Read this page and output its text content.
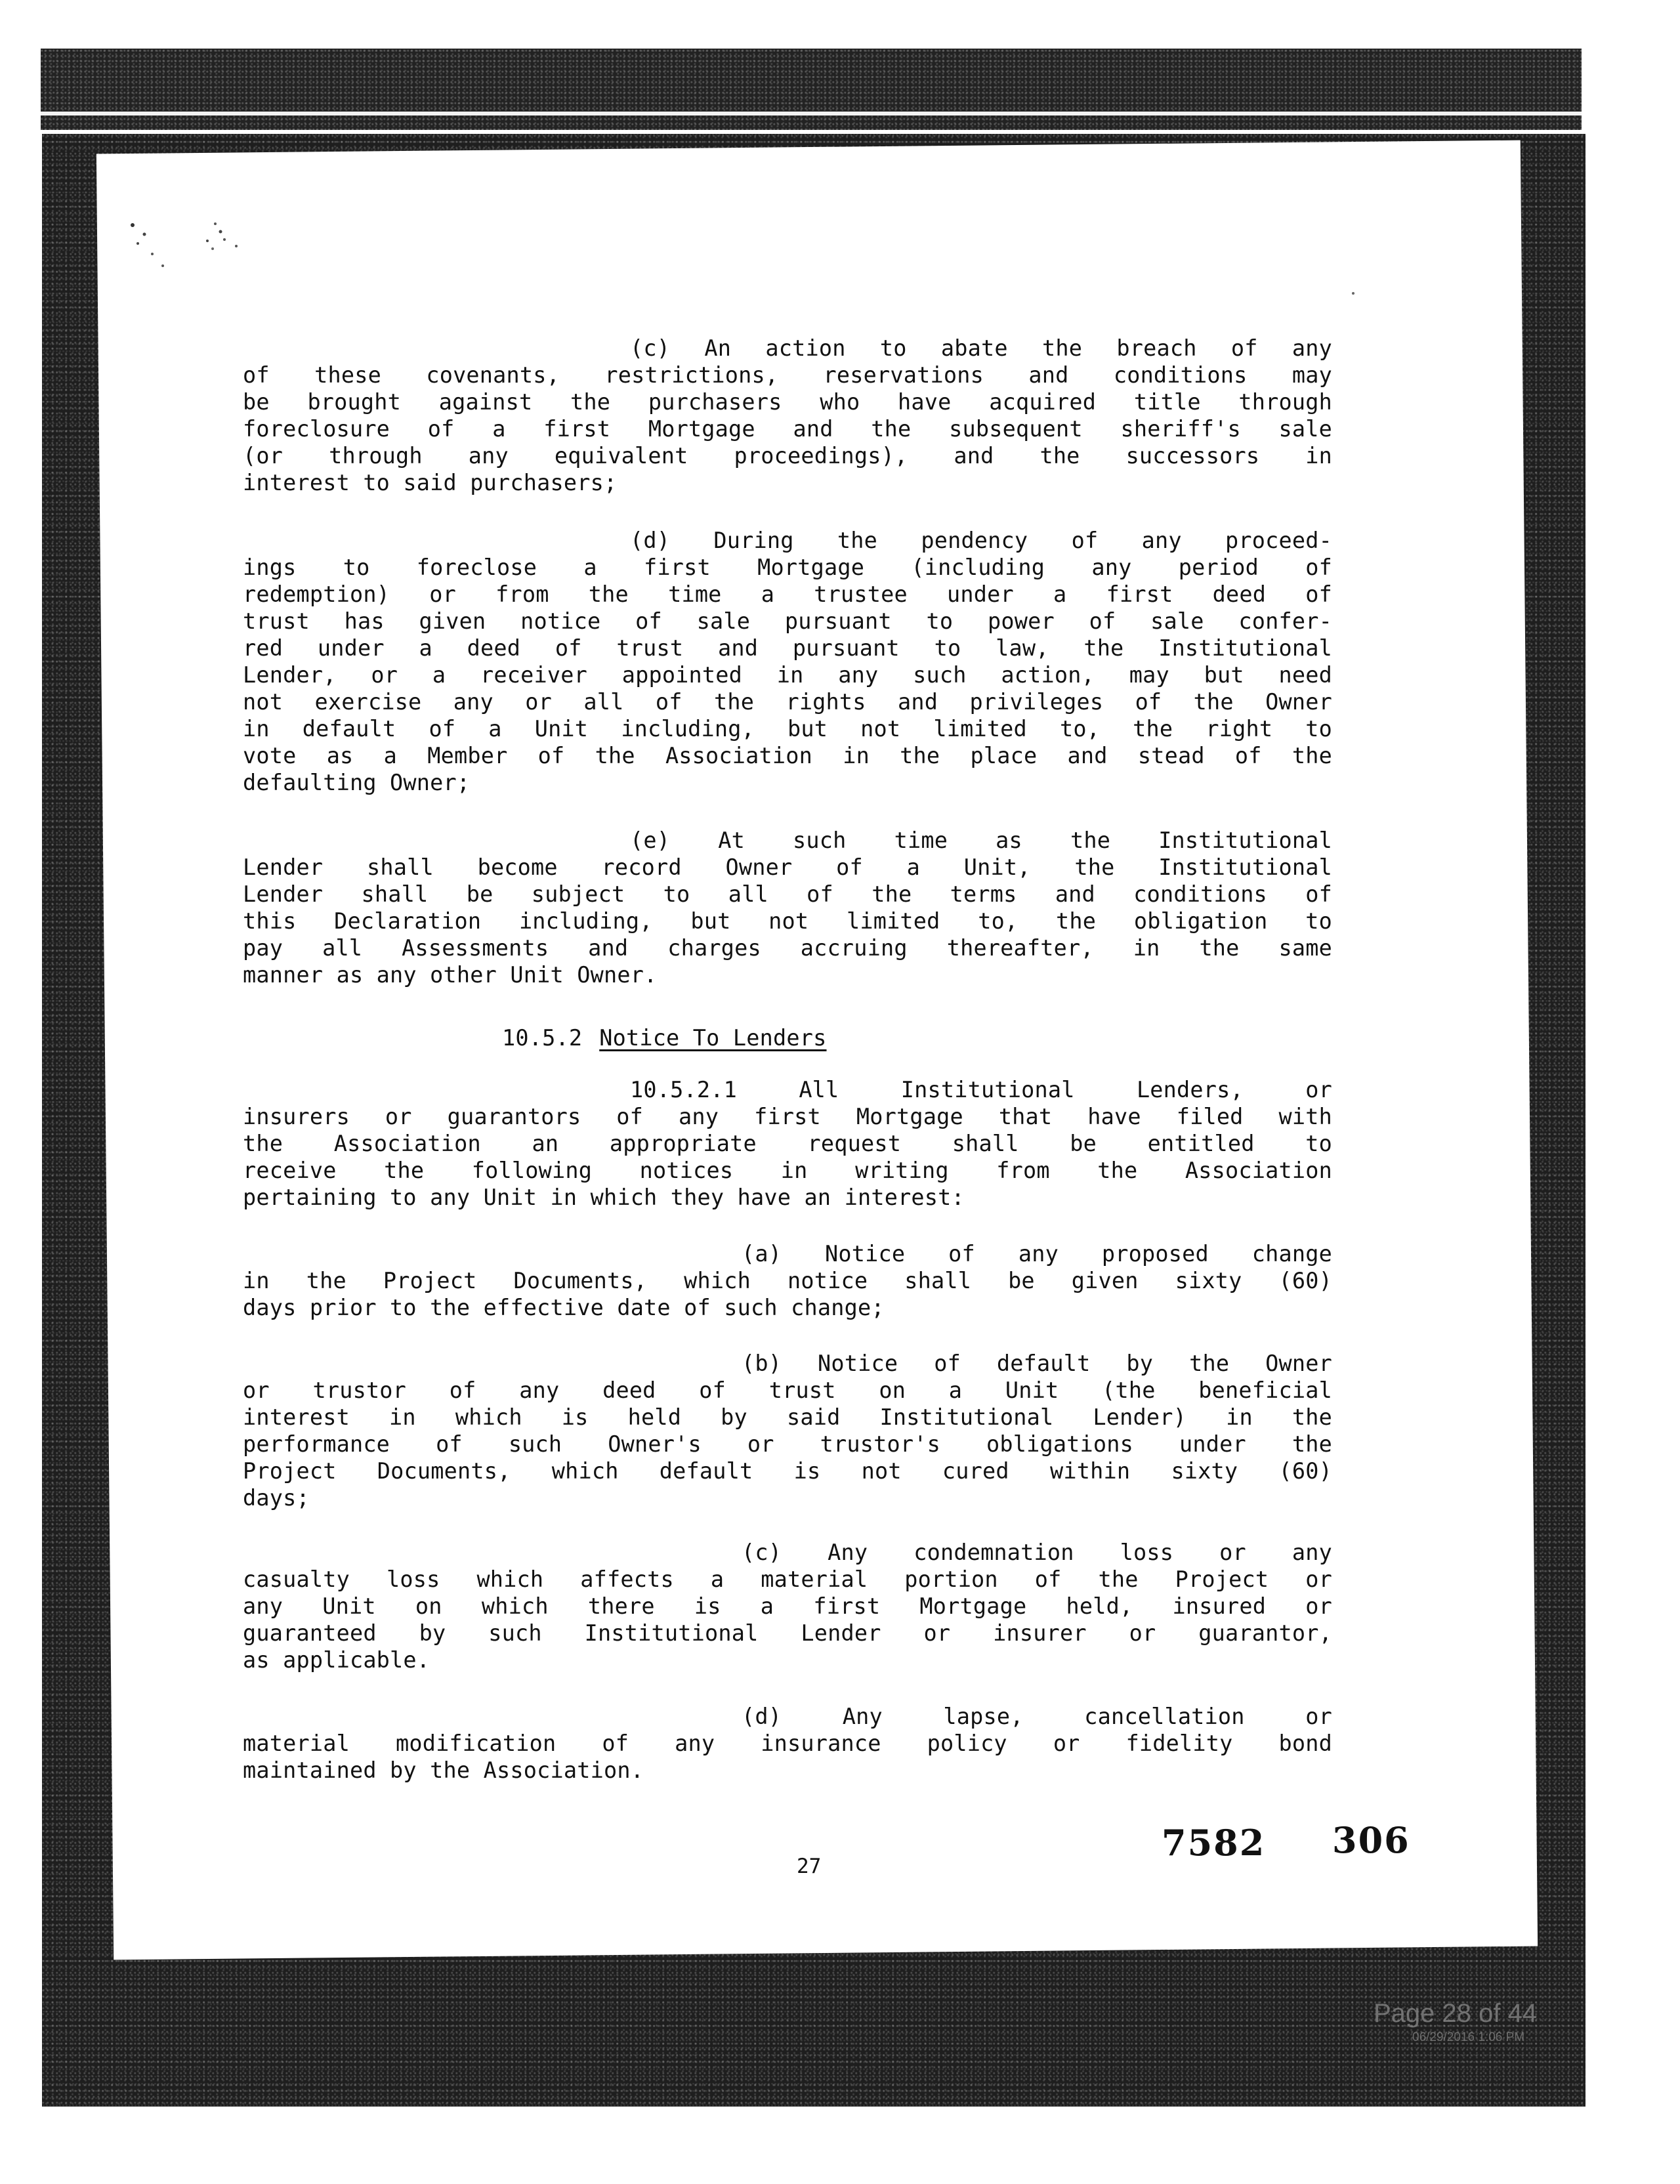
(c) An action to abate the breach of any
of these covenants, restrictions, reservations and conditions may
be brought against the purchasers who have acquired title through
foreclosure of a first Mortgage and the subsequent sheriff's sale
(or through any equivalent proceedings), and the successors in
interest to said purchasers;
(d) During the pendency of any proceed-
ings to foreclose a first Mortgage (including any period of
redemption) or from the time a trustee under a first deed of
trust has given notice of sale pursuant to power of sale confer-
red under a deed of trust and pursuant to law, the Institutional
Lender, or a receiver appointed in any such action, may but need
not exercise any or all of the rights and privileges of the Owner
in default of a Unit including, but not limited to, the right to
vote as a Member of the Association in the place and stead of the
defaulting Owner;
(e) At such time as the Institutional
Lender shall become record Owner of a Unit, the Institutional
Lender shall be subject to all of the terms and conditions of
this Declaration including, but not limited to, the obligation to
pay all Assessments and charges accruing thereafter, in the same
manner as any other Unit Owner.
10.5.2 Notice To Lenders
10.5.2.1 All Institutional Lenders, or
insurers or guarantors of any first Mortgage that have filed with
the Association an appropriate request shall be entitled to
receive the following notices in writing from the Association
pertaining to any Unit in which they have an interest:
(a) Notice of any proposed change
in the Project Documents, which notice shall be given sixty (60)
days prior to the effective date of such change;
(b) Notice of default by the Owner
or trustor of any deed of trust on a Unit (the beneficial
interest in which is held by said Institutional Lender) in the
performance of such Owner's or trustor's obligations under the
Project Documents, which default is not cured within sixty (60)
days;
(c) Any condemnation loss or any
casualty loss which affects a material portion of the Project or
any Unit on which there is a first Mortgage held, insured or
guaranteed by such Institutional Lender or insurer or guarantor,
as applicable.
(d) Any lapse, cancellation or
material modification of any insurance policy or fidelity bond
maintained by the Association.
27
7582 306
Page 28 of 44
06/29/2016 1:06 PM
